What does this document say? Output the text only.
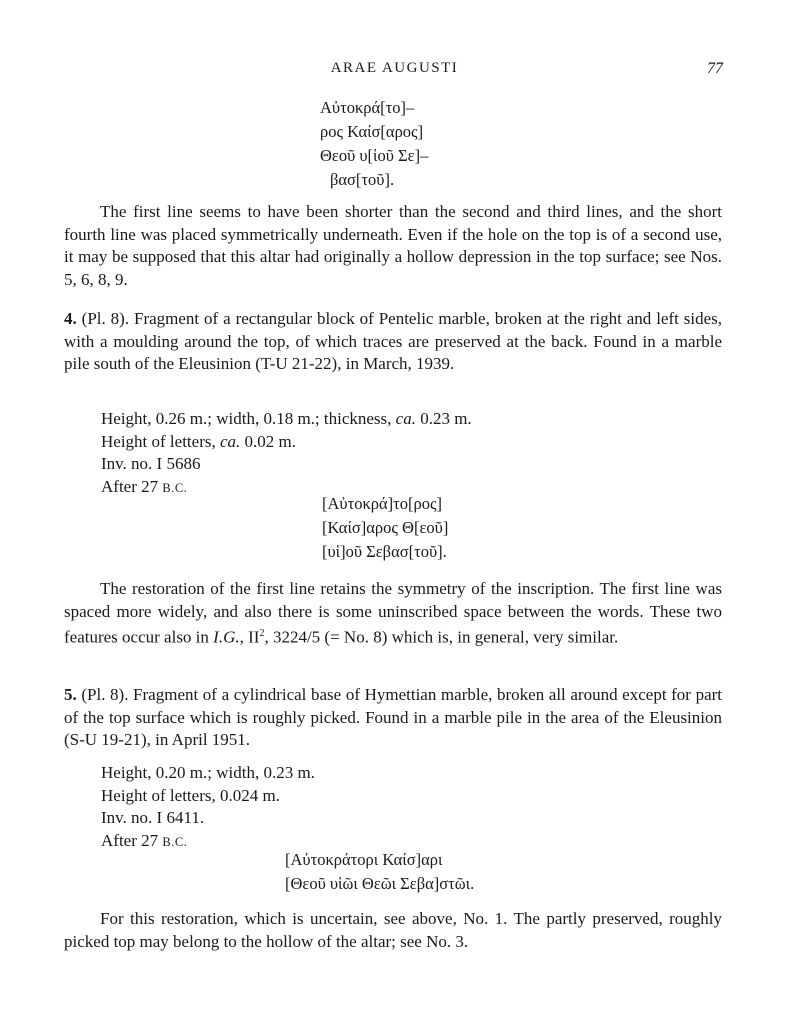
ARAE AUGUSTI	77
Αὐτοκρά[το]–
ρος Καίσ[αρος]
Θεοῦ υ[ἱοῦ Σε]–
βασ[τοῦ].

The first line seems to have been shorter than the second and third lines, and the short fourth line was placed symmetrically underneath. Even if the hole on the top is of a second use, it may be supposed that this altar had originally a hollow depression in the top surface; see Nos. 5, 6, 8, 9.

4. (Pl. 8). Fragment of a rectangular block of Pentelic marble, broken at the right and left sides, with a moulding around the top, of which traces are preserved at the back. Found in a marble pile south of the Eleusinion (T-U 21-22), in March, 1939.

Height, 0.26 m.; width, 0.18 m.; thickness, ca. 0.23 m.
Height of letters, ca. 0.02 m.
Inv. no. I 5686
After 27 B.C.
[Αὐτοκρά]το[ρος]
[Καίσ]αρος Θ[εοῦ]
[υἱ]οῦ Σεβασ[τοῦ].

The restoration of the first line retains the symmetry of the inscription. The first line was spaced more widely, and also there is some uninscribed space between the words. These two features occur also in I.G., $II^2$, 3224/5 (= No. 8) which is, in general, very similar.

5. (Pl. 8). Fragment of a cylindrical base of Hymettian marble, broken all around except for part of the top surface which is roughly picked. Found in a marble pile in the area of the Eleusinion (S-U 19-21), in April 1951.

Height, 0.20 m.; width, 0.23 m.
Height of letters, 0.024 m.
Inv. no. I 6411.
After 27 B.C.
[Αὐτοκράτορι Καίσ]αρι
[Θεοῦ υἱῶι Θεῶι Σεβα]στῶι.

For this restoration, which is uncertain, see above, No. 1. The partly preserved, roughly picked top may belong to the hollow of the altar; see No. 3.
